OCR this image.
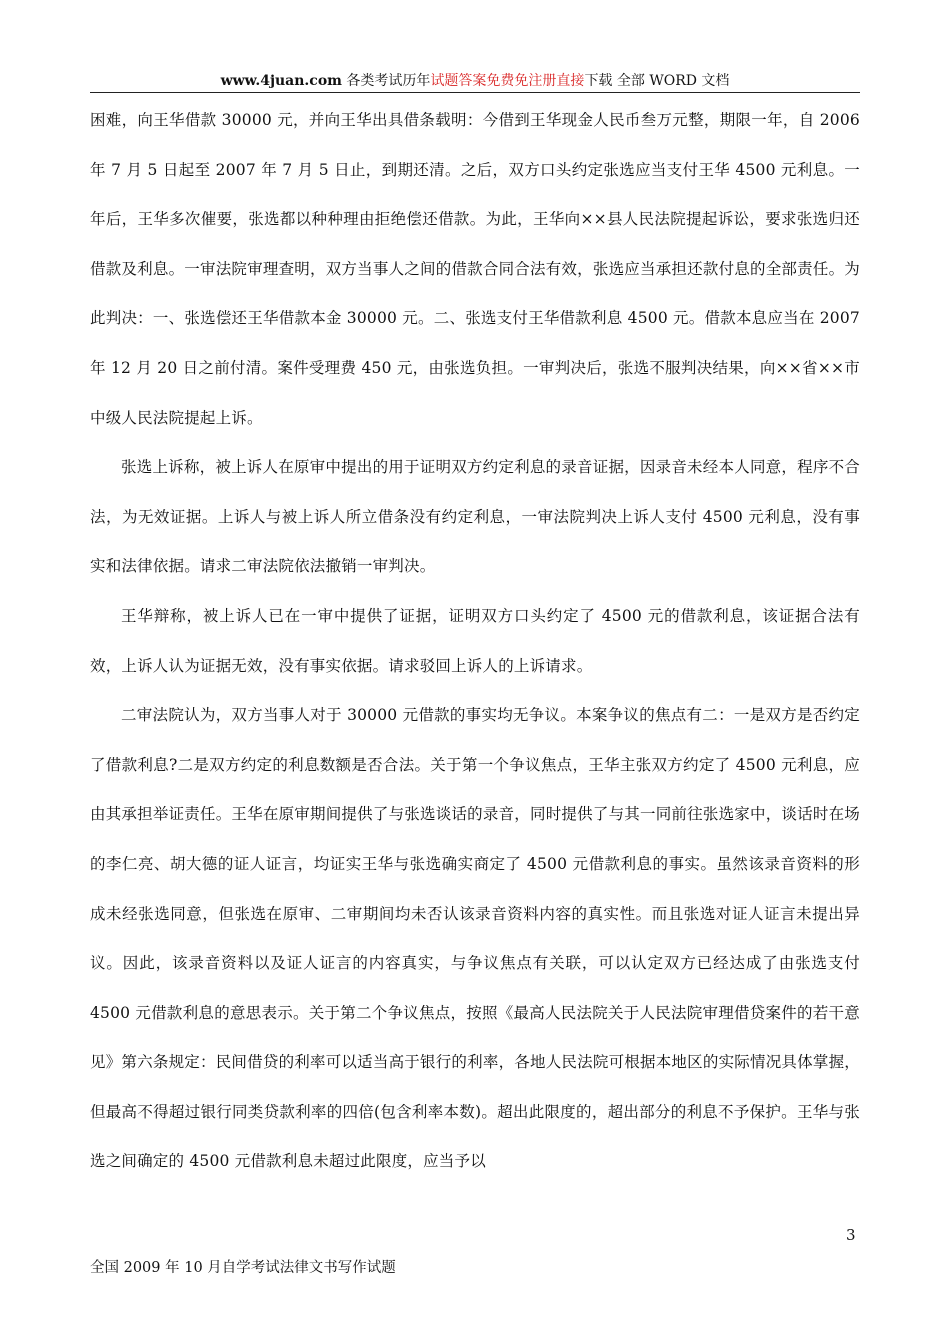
www.4juan.com 各类考试历年试题答案免费免注册直接下载 全部 WORD 文档

困难，向王华借款 30000 元，并向王华出具借条载明：今借到王华现金人民币叁万元整，期限一年，自 2006 年 7 月 5 日起至 2007 年 7 月 5 日止，到期还清。之后，双方口头约定张选应当支付王华 4500 元利息。一年后，王华多次催要，张选都以种种理由拒绝偿还借款。为此，王华向××县人民法院提起诉讼，要求张选归还借款及利息。一审法院审理查明，双方当事人之间的借款合同合法有效，张选应当承担还款付息的全部责任。为此判决：一、张选偿还王华借款本金 30000 元。二、张选支付王华借款利息 4500 元。借款本息应当在 2007 年 12 月 20 日之前付清。案件受理费 450 元，由张选负担。一审判决后，张选不服判决结果，向××省××市中级人民法院提起上诉。

张选上诉称，被上诉人在原审中提出的用于证明双方约定利息的录音证据，因录音未经本人同意，程序不合法，为无效证据。上诉人与被上诉人所立借条没有约定利息，一审法院判决上诉人支付 4500 元利息，没有事实和法律依据。请求二审法院依法撤销一审判决。

王华辩称，被上诉人已在一审中提供了证据，证明双方口头约定了 4500 元的借款利息，该证据合法有效，上诉人认为证据无效，没有事实依据。请求驳回上诉人的上诉请求。

二审法院认为，双方当事人对于 30000 元借款的事实均无争议。本案争议的焦点有二：一是双方是否约定了借款利息?二是双方约定的利息数额是否合法。关于第一个争议焦点，王华主张双方约定了 4500 元利息，应由其承担举证责任。王华在原审期间提供了与张选谈话的录音，同时提供了与其一同前往张选家中，谈话时在场的李仁亮、胡大德的证人证言，均证实王华与张选确实商定了 4500 元借款利息的事实。虽然该录音资料的形成未经张选同意，但张选在原审、二审期间均未否认该录音资料内容的真实性。而且张选对证人证言未提出异议。因此，该录音资料以及证人证言的内容真实，与争议焦点有关联，可以认定双方已经达成了由张选支付 4500 元借款利息的意思表示。关于第二个争议焦点，按照《最高人民法院关于人民法院审理借贷案件的若干意见》第六条规定：民间借贷的利率可以适当高于银行的利率，各地人民法院可根据本地区的实际情况具体掌握，但最高不得超过银行同类贷款利率的四倍(包含利率本数)。超出此限度的，超出部分的利息不予保护。王华与张选之间确定的 4500 元借款利息未超过此限度，应当予以

3
全国 2009 年 10 月自学考试法律文书写作试题
